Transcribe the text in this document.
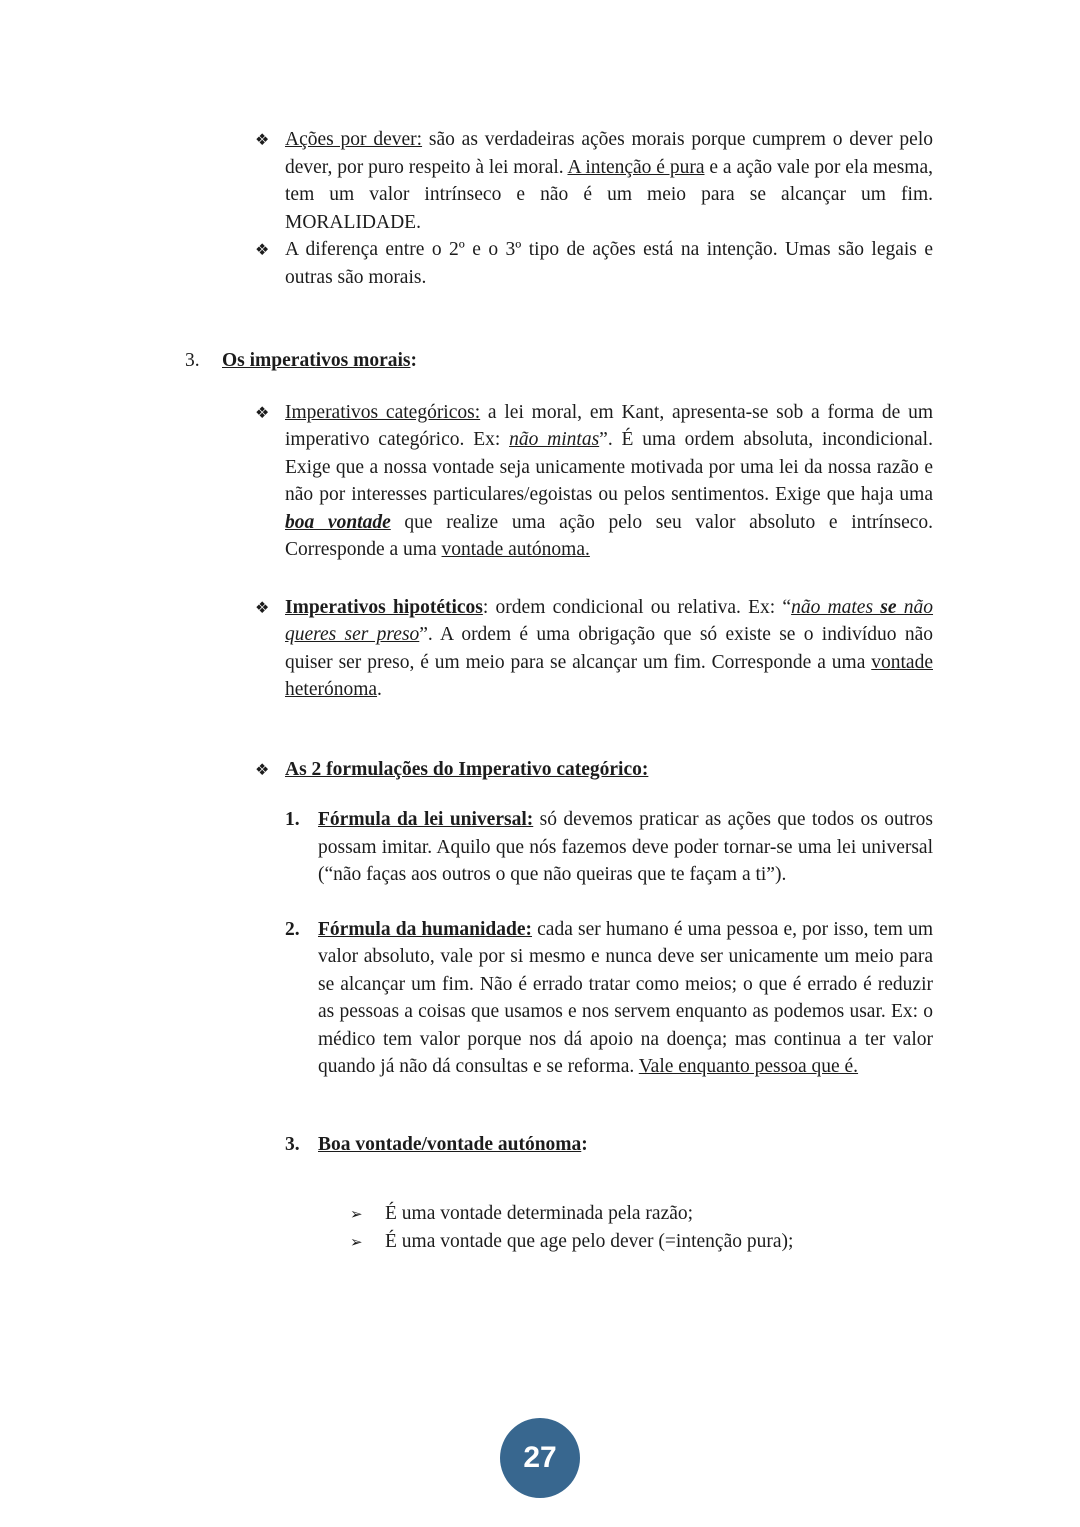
❖ Ações por dever: são as verdadeiras ações morais porque cumprem o dever pelo dever, por puro respeito à lei moral. A intenção é pura e a ação vale por ela mesma, tem um valor intrínseco e não é um meio para se alcançar um fim. MORALIDADE.
❖ A diferença entre o 2º e o 3º tipo de ações está na intenção. Umas são legais e outras são morais.
3. Os imperativos morais:
❖ Imperativos categóricos: a lei moral, em Kant, apresenta-se sob a forma de um imperativo categórico. Ex: não mintas”. É uma ordem absoluta, incondicional. Exige que a nossa vontade seja unicamente motivada por uma lei da nossa razão e não por interesses particulares/egoistas ou pelos sentimentos. Exige que haja uma boa vontade que realize uma ação pelo seu valor absoluto e intrínseco. Corresponde a uma vontade autónoma.
❖ Imperativos hipotéticos: ordem condicional ou relativa. Ex: “não mates se não queres ser preso”. A ordem é uma obrigação que só existe se o indivíduo não quiser ser preso, é um meio para se alcançar um fim. Corresponde a uma vontade heterónoma.
❖ As 2 formulações do Imperativo categórico:
1. Fórmula da lei universal: só devemos praticar as ações que todos os outros possam imitar. Aquilo que nós fazemos deve poder tornar-se uma lei universal (“não faças aos outros o que não queiras que te façam a ti”).
2. Fórmula da humanidade: cada ser humano é uma pessoa e, por isso, tem um valor absoluto, vale por si mesmo e nunca deve ser unicamente um meio para se alcançar um fim. Não é errado tratar como meios; o que é errado é reduzir as pessoas a coisas que usamos e nos servem enquanto as podemos usar. Ex: o médico tem valor porque nos dá apoio na doença; mas continua a ter valor quando já não dá consultas e se reforma. Vale enquanto pessoa que é.
3. Boa vontade/vontade autónoma:
➢ É uma vontade determinada pela razão;
➢ É uma vontade que age pelo dever (=intenção pura);
27
